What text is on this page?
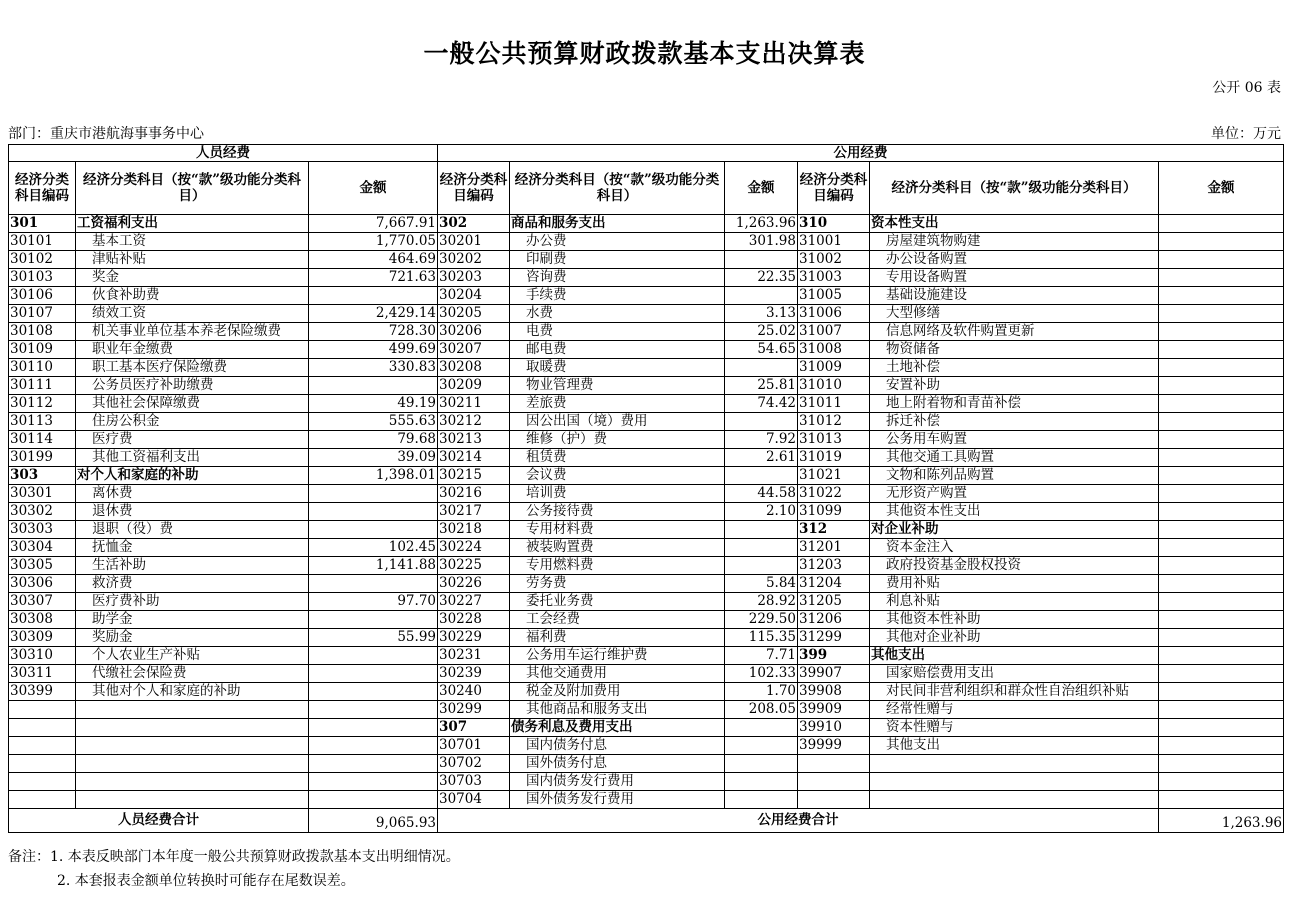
一般公共预算财政拨款基本支出决算表
公开 06 表
部门：重庆市港航海事事务中心	单位：万元
人员经费			公用经费					
经济分类科目编码	经济分类科目（按“款”级功能分类科目）	金额	经济分类科目编码	经济分类科目（按“款”级功能分类科目）	金额	经济分类科目编码	经济分类科目（按“款”级功能分类科目）	金额
301	工资福利支出	7,667.91	302	商品和服务支出	1,263.96	310	资本性支出	
30101	基本工资	1,770.05	30201	办公费	301.98	31001	房屋建筑物购建	
30102	津贴补贴	464.69	30202	印刷费		31002	办公设备购置	
30103	奖金	721.63	30203	咨询费	22.35	31003	专用设备购置	
30106	伙食补助费		30204	手续费		31005	基础设施建设	
30107	绩效工资	2,429.14	30205	水费	3.13	31006	大型修缮	
30108	机关事业单位基本养老保险缴费	728.30	30206	电费	25.02	31007	信息网络及软件购置更新	
30109	职业年金缴费	499.69	30207	邮电费	54.65	31008	物资储备	
30110	职工基本医疗保险缴费	330.83	30208	取暖费		31009	土地补偿	
30111	公务员医疗补助缴费		30209	物业管理费	25.81	31010	安置补助	
30112	其他社会保障缴费	49.19	30211	差旅费	74.42	31011	地上附着物和青苗补偿	
30113	住房公积金	555.63	30212	因公出国（境）费用		31012	拆迁补偿	
30114	医疗费	79.68	30213	维修（护）费	7.92	31013	公务用车购置	
30199	其他工资福利支出	39.09	30214	租赁费	2.61	31019	其他交通工具购置	
303	对个人和家庭的补助	1,398.01	30215	会议费		31021	文物和陈列品购置	
30301	离休费		30216	培训费	44.58	31022	无形资产购置	
30302	退休费		30217	公务接待费	2.10	31099	其他资本性支出	
30303	退职（役）费		30218	专用材料费		312	对企业补助	
30304	抚恤金	102.45	30224	被装购置费		31201	资本金注入	
30305	生活补助	1,141.88	30225	专用燃料费		31203	政府投资基金股权投资	
30306	救济费		30226	劳务费	5.84	31204	费用补贴	
30307	医疗费补助	97.70	30227	委托业务费	28.92	31205	利息补贴	
30308	助学金		30228	工会经费	229.50	31206	其他资本性补助	
30309	奖励金	55.99	30229	福利费	115.35	31299	其他对企业补助	
30310	个人农业生产补贴		30231	公务用车运行维护费	7.71	399	其他支出	
30311	代缴社会保险费		30239	其他交通费用	102.33	39907	国家赔偿费用支出	
30399	其他对个人和家庭的补助		30240	税金及附加费用	1.70	39908	对民间非营利组织和群众性自治组织补贴	
			30299	其他商品和服务支出	208.05	39909	经常性赠与	
			307	债务利息及费用支出		39910	资本性赠与	
			30701	国内债务付息		39999	其他支出	
			30702	国外债务付息				
			30703	国内债务发行费用				
			30704	国外债务发行费用				
人员经费合计		9,065.93	公用经费合计					1,263.96
备注：1. 本表反映部门本年度一般公共预算财政拨款基本支出明细情况。
2. 本套报表金额单位转换时可能存在尾数误差。
